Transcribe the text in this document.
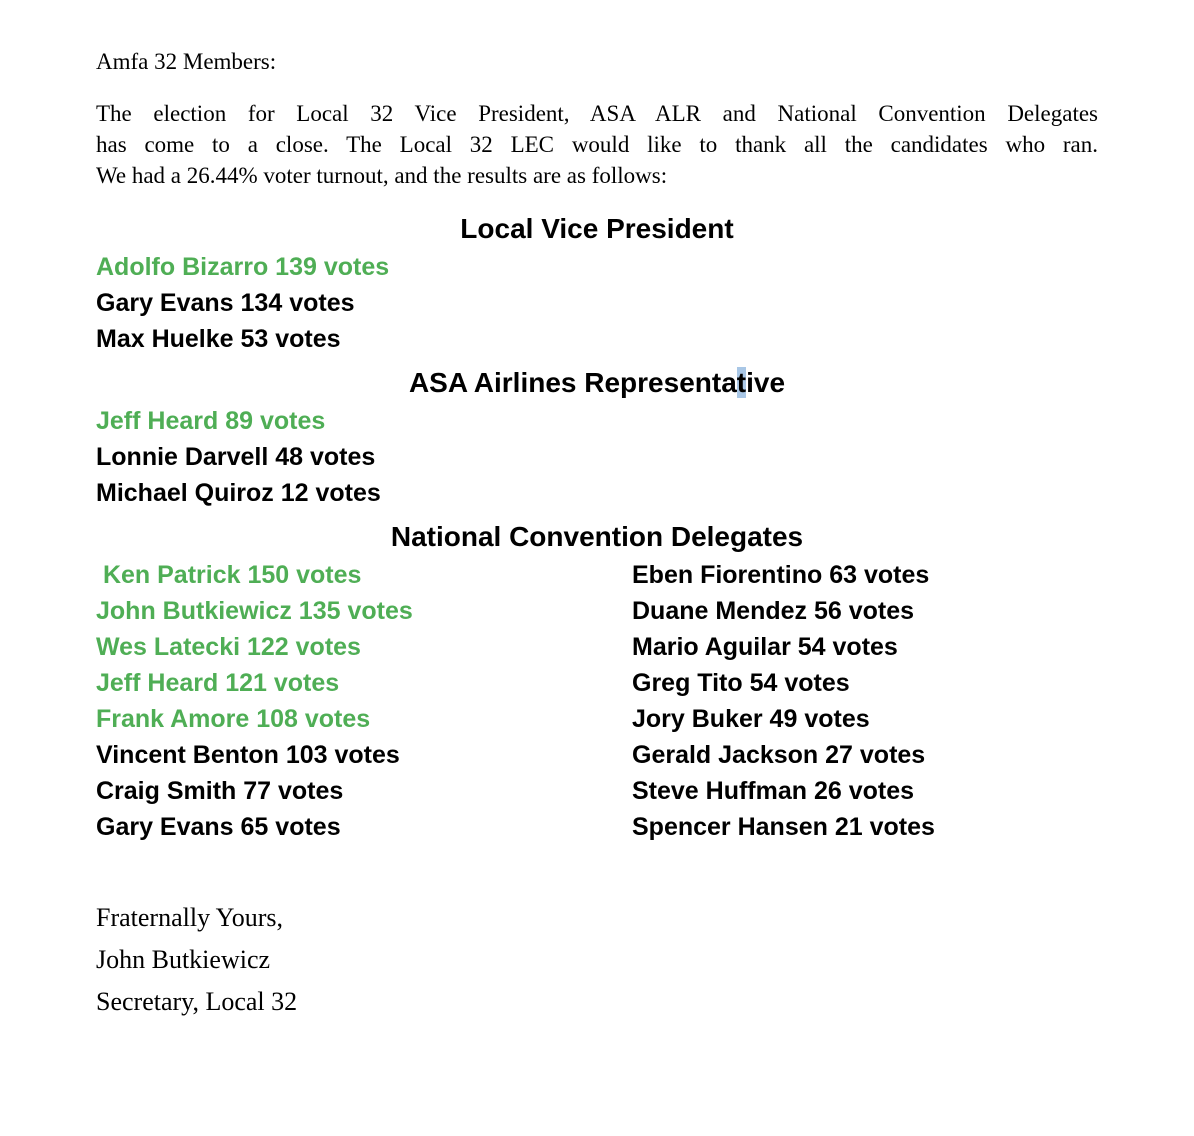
Amfa 32 Members:
The election for Local 32 Vice President, ASA ALR and National Convention Delegates
has come to a close. The Local 32 LEC would like to thank all the candidates who ran.
We had a 26.44% voter turnout, and the results are as follows:
Local Vice President
Adolfo Bizarro 139 votes
Gary Evans 134 votes
Max Huelke 53 votes
ASA Airlines Representative
Jeff Heard 89 votes
Lonnie Darvell 48 votes
Michael Quiroz 12 votes
National Convention Delegates
Ken Patrick 150 votes
John Butkiewicz 135 votes
Wes Latecki 122 votes
Jeff Heard 121 votes
Frank Amore 108 votes
Vincent Benton 103 votes
Craig Smith 77 votes
Gary Evans 65 votes
Eben Fiorentino 63 votes
Duane Mendez 56 votes
Mario Aguilar 54 votes
Greg Tito 54 votes
Jory Buker 49 votes
Gerald Jackson 27 votes
Steve Huffman 26 votes
Spencer Hansen 21 votes
Fraternally Yours,
John Butkiewicz
Secretary, Local 32
